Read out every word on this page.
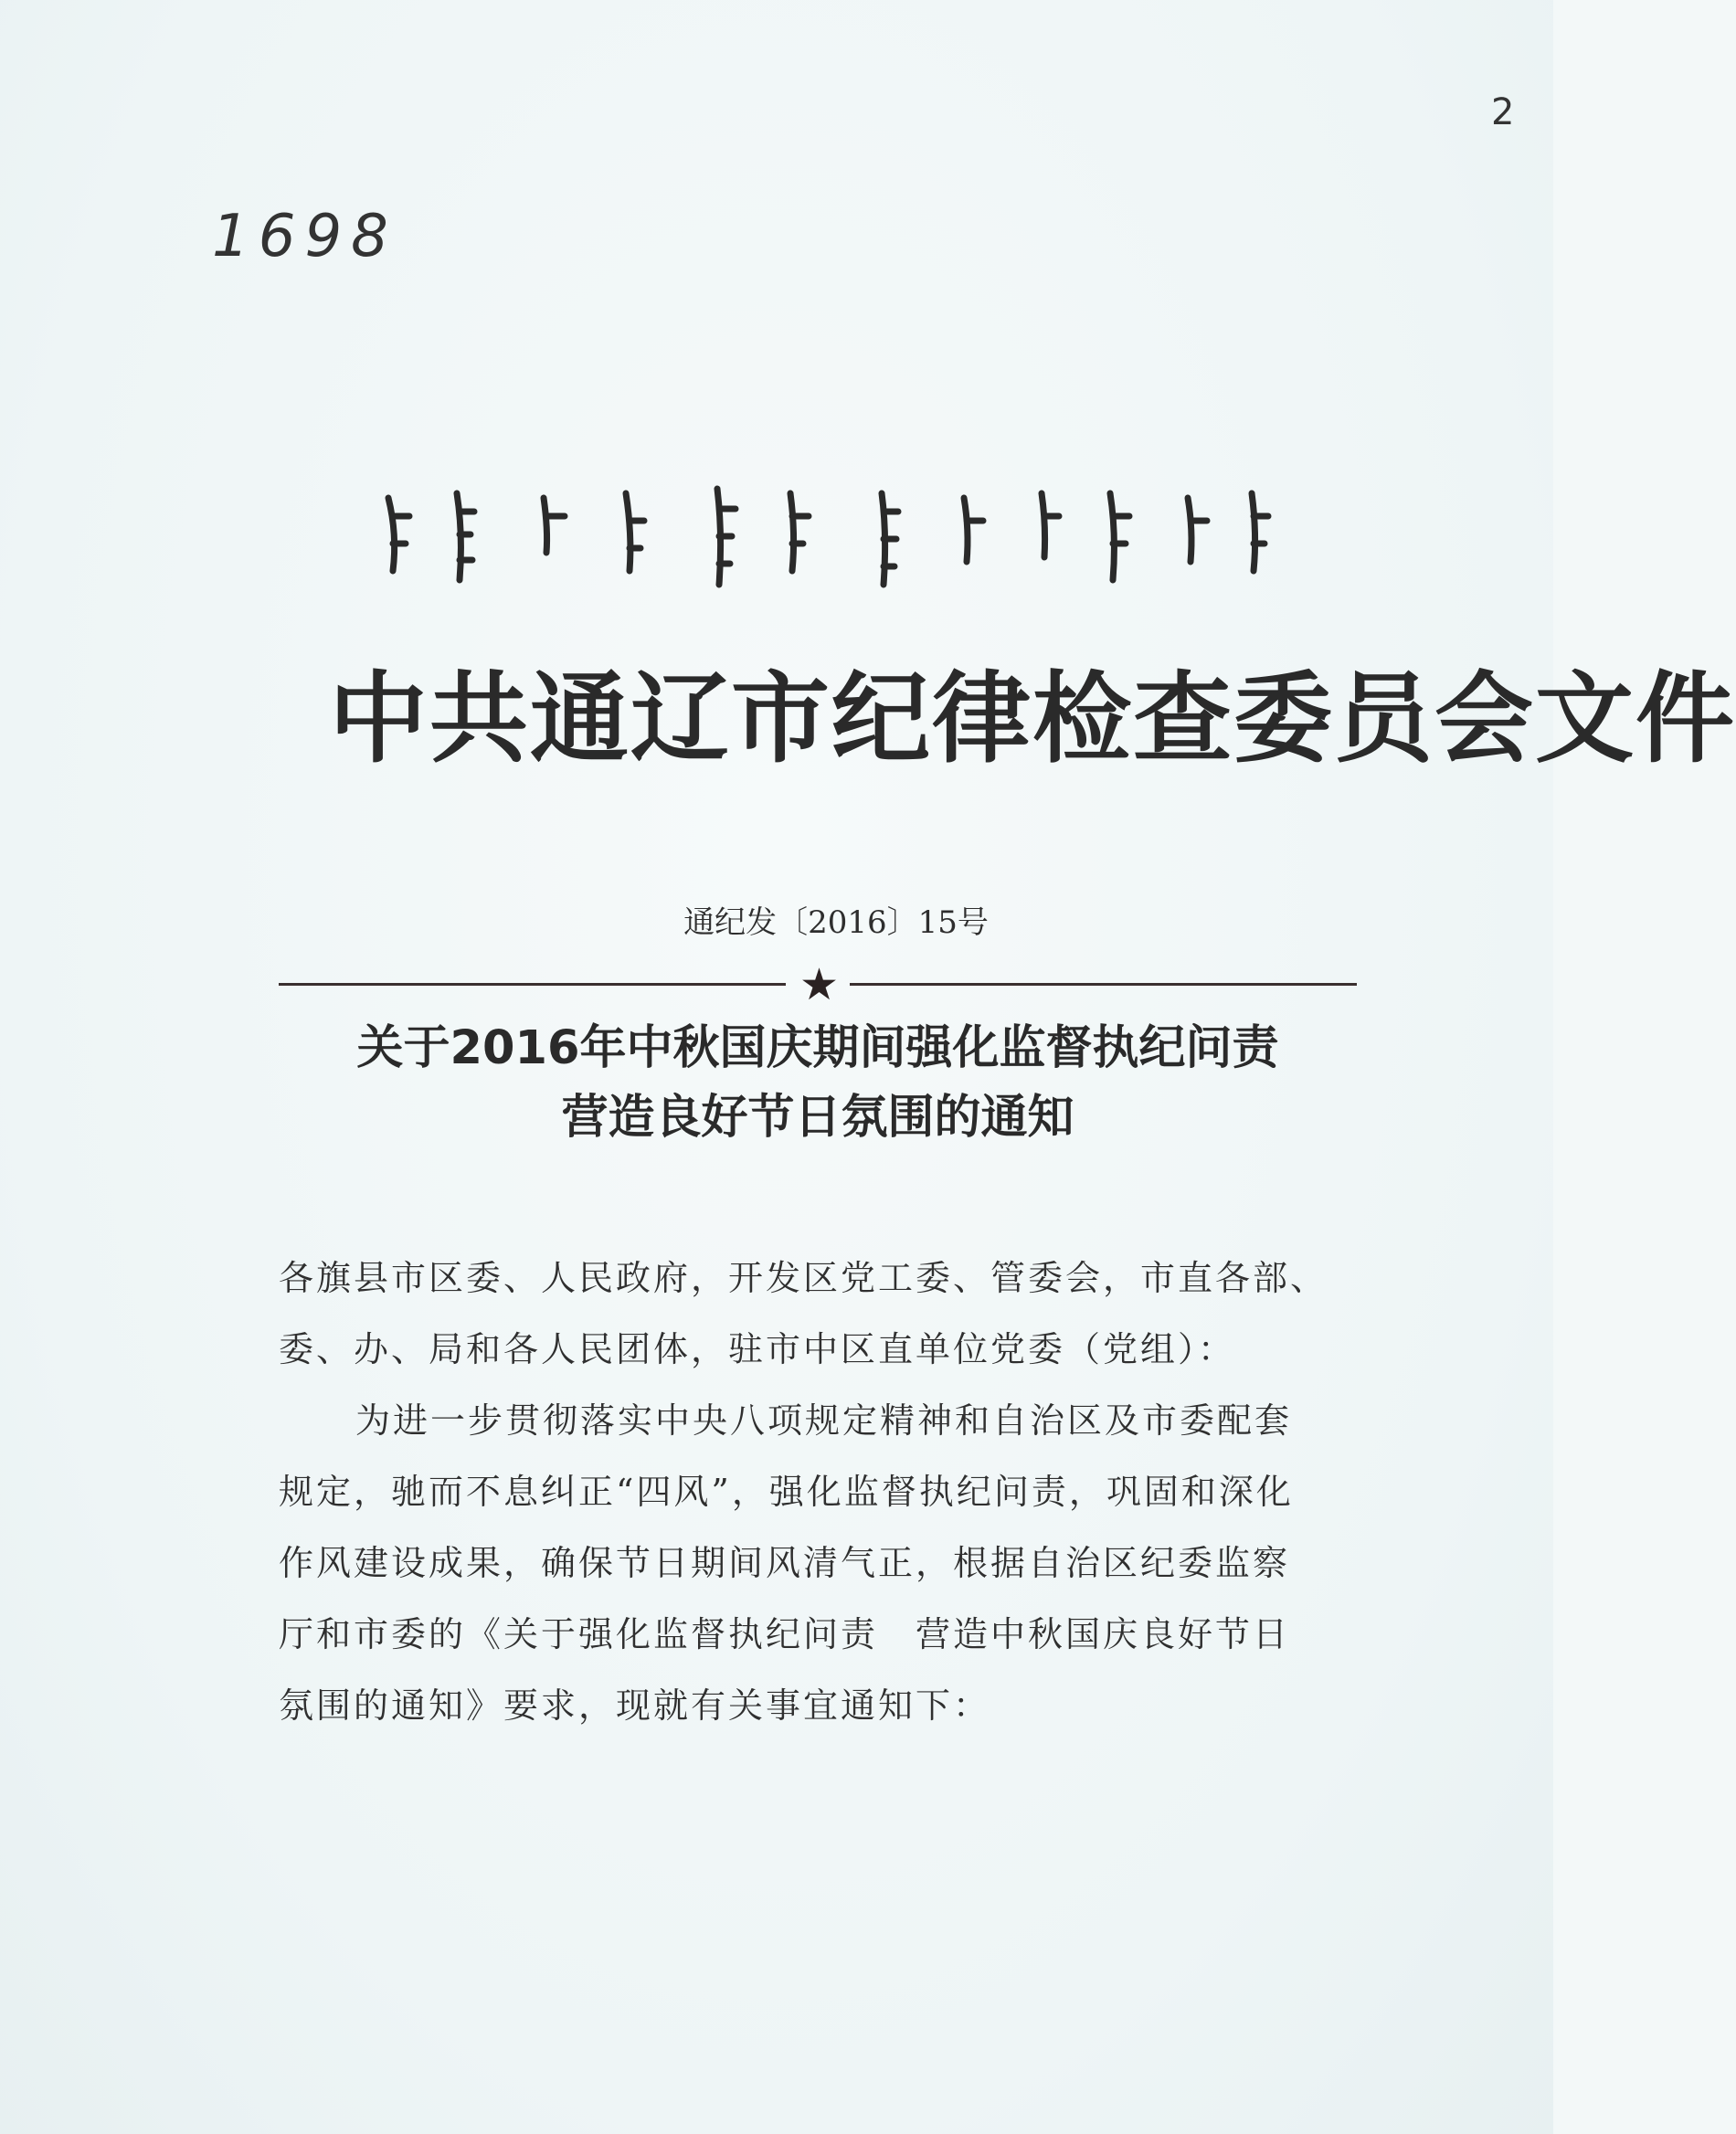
2
1698
中共通辽市纪律检查委员会文件
通纪发〔2016〕15号
★
关于2016年中秋国庆期间强化监督执纪问责
营造良好节日氛围的通知

各旗县市区委、人民政府，开发区党工委、管委会，市直各部、

委、办、局和各人民团体，驻市中区直单位党委（党组）：

为进一步贯彻落实中央八项规定精神和自治区及市委配套

规定，驰而不息纠正“四风”，强化监督执纪问责，巩固和深化

作风建设成果，确保节日期间风清气正，根据自治区纪委监察

厅和市委的《关于强化监督执纪问责　营造中秋国庆良好节日

氛围的通知》要求，现就有关事宜通知下：
